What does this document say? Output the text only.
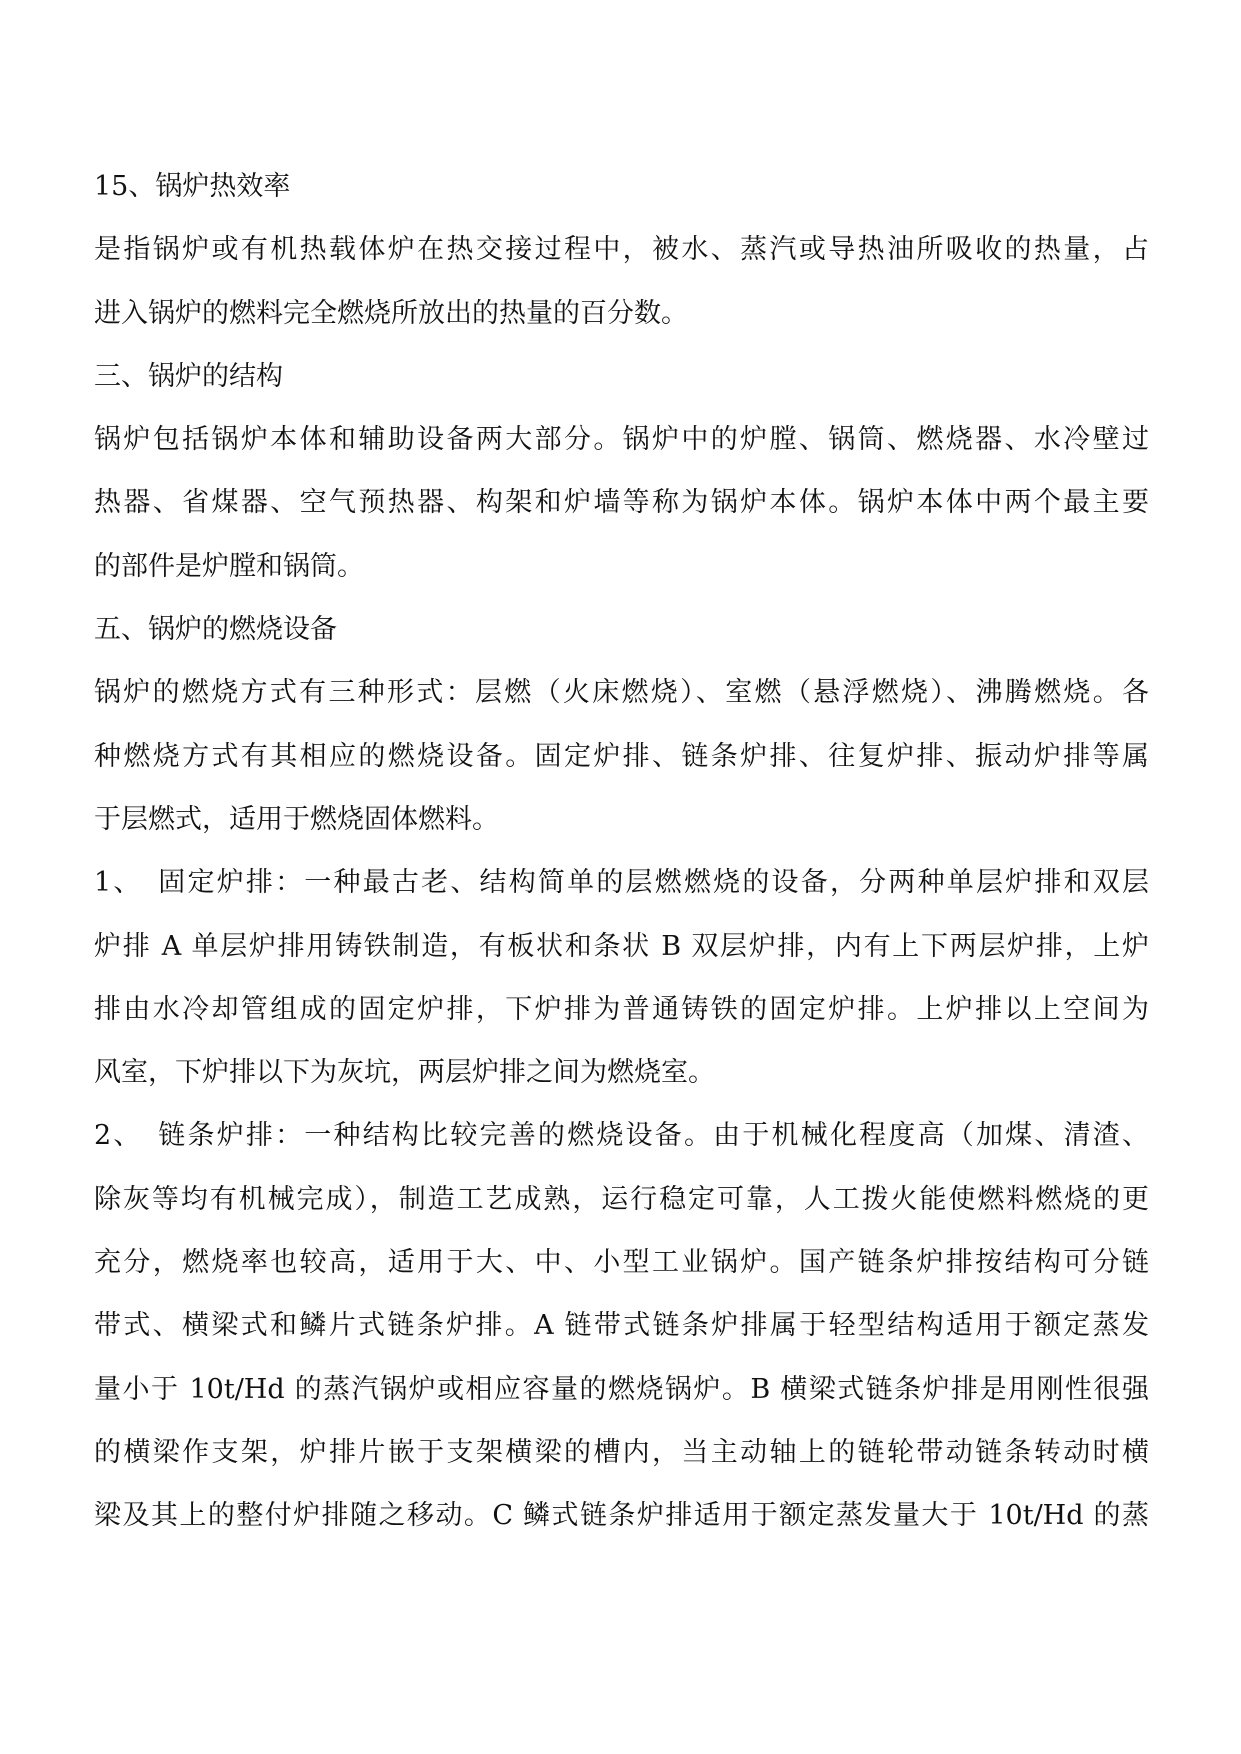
15、锅炉热效率
是指锅炉或有机热载体炉在热交接过程中，被水、蒸汽或导热油所吸收的热量，占
进入锅炉的燃料完全燃烧所放出的热量的百分数。
三、锅炉的结构
锅炉包括锅炉本体和辅助设备两大部分。锅炉中的炉膛、锅筒、燃烧器、水冷壁过
热器、省煤器、空气预热器、构架和炉墙等称为锅炉本体。锅炉本体中两个最主要
的部件是炉膛和锅筒。
五、锅炉的燃烧设备
锅炉的燃烧方式有三种形式：层燃（火床燃烧）、室燃（悬浮燃烧）、沸腾燃烧。各
种燃烧方式有其相应的燃烧设备。固定炉排、链条炉排、往复炉排、振动炉排等属
于层燃式，适用于燃烧固体燃料。
1、　固定炉排：一种最古老、结构简单的层燃燃烧的设备，分两种单层炉排和双层
炉排 A 单层炉排用铸铁制造，有板状和条状 B 双层炉排，内有上下两层炉排，上炉
排由水冷却管组成的固定炉排，下炉排为普通铸铁的固定炉排。上炉排以上空间为
风室，下炉排以下为灰坑，两层炉排之间为燃烧室。
2、　链条炉排：一种结构比较完善的燃烧设备。由于机械化程度高（加煤、清渣、
除灰等均有机械完成），制造工艺成熟，运行稳定可靠，人工拨火能使燃料燃烧的更
充分，燃烧率也较高，适用于大、中、小型工业锅炉。国产链条炉排按结构可分链
带式、横梁式和鳞片式链条炉排。A 链带式链条炉排属于轻型结构适用于额定蒸发
量小于 10t/Hd 的蒸汽锅炉或相应容量的燃烧锅炉。B 横梁式链条炉排是用刚性很强
的横梁作支架，炉排片嵌于支架横梁的槽内，当主动轴上的链轮带动链条转动时横
梁及其上的整付炉排随之移动。C 鳞式链条炉排适用于额定蒸发量大于 10t/Hd 的蒸
